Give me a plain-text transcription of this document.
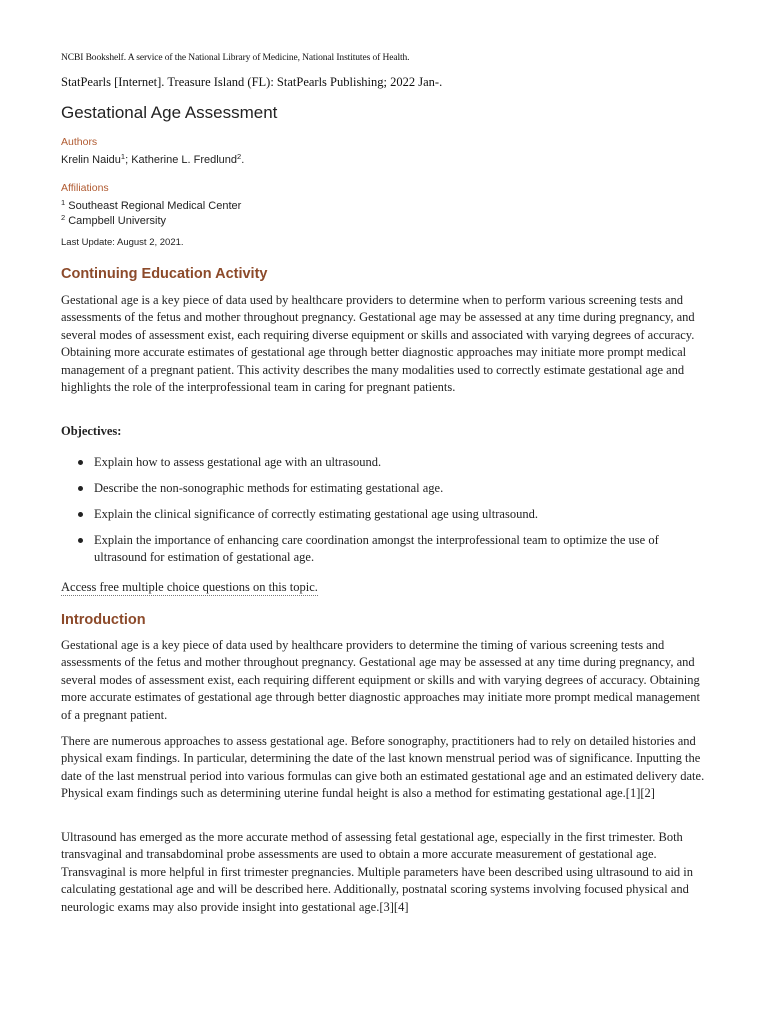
NCBI Bookshelf. A service of the National Library of Medicine, National Institutes of Health.
StatPearls [Internet]. Treasure Island (FL): StatPearls Publishing; 2022 Jan-.
Gestational Age Assessment
Authors
Krelin Naidu$^1$; Katherine L. Fredlund$^2$.
Affiliations
$^1$ Southeast Regional Medical Center
$^2$ Campbell University
Last Update: August 2, 2021.
Continuing Education Activity

Gestational age is a key piece of data used by healthcare providers to determine when to perform various screening tests and assessments of the fetus and mother throughout pregnancy. Gestational age may be assessed at any time during pregnancy, and several modes of assessment exist, each requiring diverse equipment or skills and associated with varying degrees of accuracy. Obtaining more accurate estimates of gestational age through better diagnostic approaches may initiate more prompt medical management of a pregnant patient. This activity describes the many modalities used to correctly estimate gestational age and highlights the role of the interprofessional team in caring for pregnant patients.

Objectives:

Explain how to assess gestational age with an ultrasound.
Describe the non-sonographic methods for estimating gestational age.
Explain the clinical significance of correctly estimating gestational age using ultrasound.
Explain the importance of enhancing care coordination amongst the interprofessional team to optimize the use of ultrasound for estimation of gestational age.
Access free multiple choice questions on this topic.
Introduction

Gestational age is a key piece of data used by healthcare providers to determine the timing of various screening tests and assessments of the fetus and mother throughout pregnancy. Gestational age may be assessed at any time during pregnancy, and several modes of assessment exist, each requiring different equipment or skills and with varying degrees of accuracy. Obtaining more accurate estimates of gestational age through better diagnostic approaches may initiate more prompt medical management of a pregnant patient.

There are numerous approaches to assess gestational age. Before sonography, practitioners had to rely on detailed histories and physical exam findings. In particular, determining the date of the last known menstrual period was of significance. Inputting the date of the last menstrual period into various formulas can give both an estimated gestational age and an estimated delivery date. Physical exam findings such as determining uterine fundal height is also a method for estimating gestational age.[1][2]

Ultrasound has emerged as the more accurate method of assessing fetal gestational age, especially in the first trimester. Both transvaginal and transabdominal probe assessments are used to obtain a more accurate measurement of gestational age. Transvaginal is more helpful in first trimester pregnancies. Multiple parameters have been described using ultrasound to aid in calculating gestational age and will be described here. Additionally, postnatal scoring systems involving focused physical and neurologic exams may also provide insight into gestational age.[3][4]
